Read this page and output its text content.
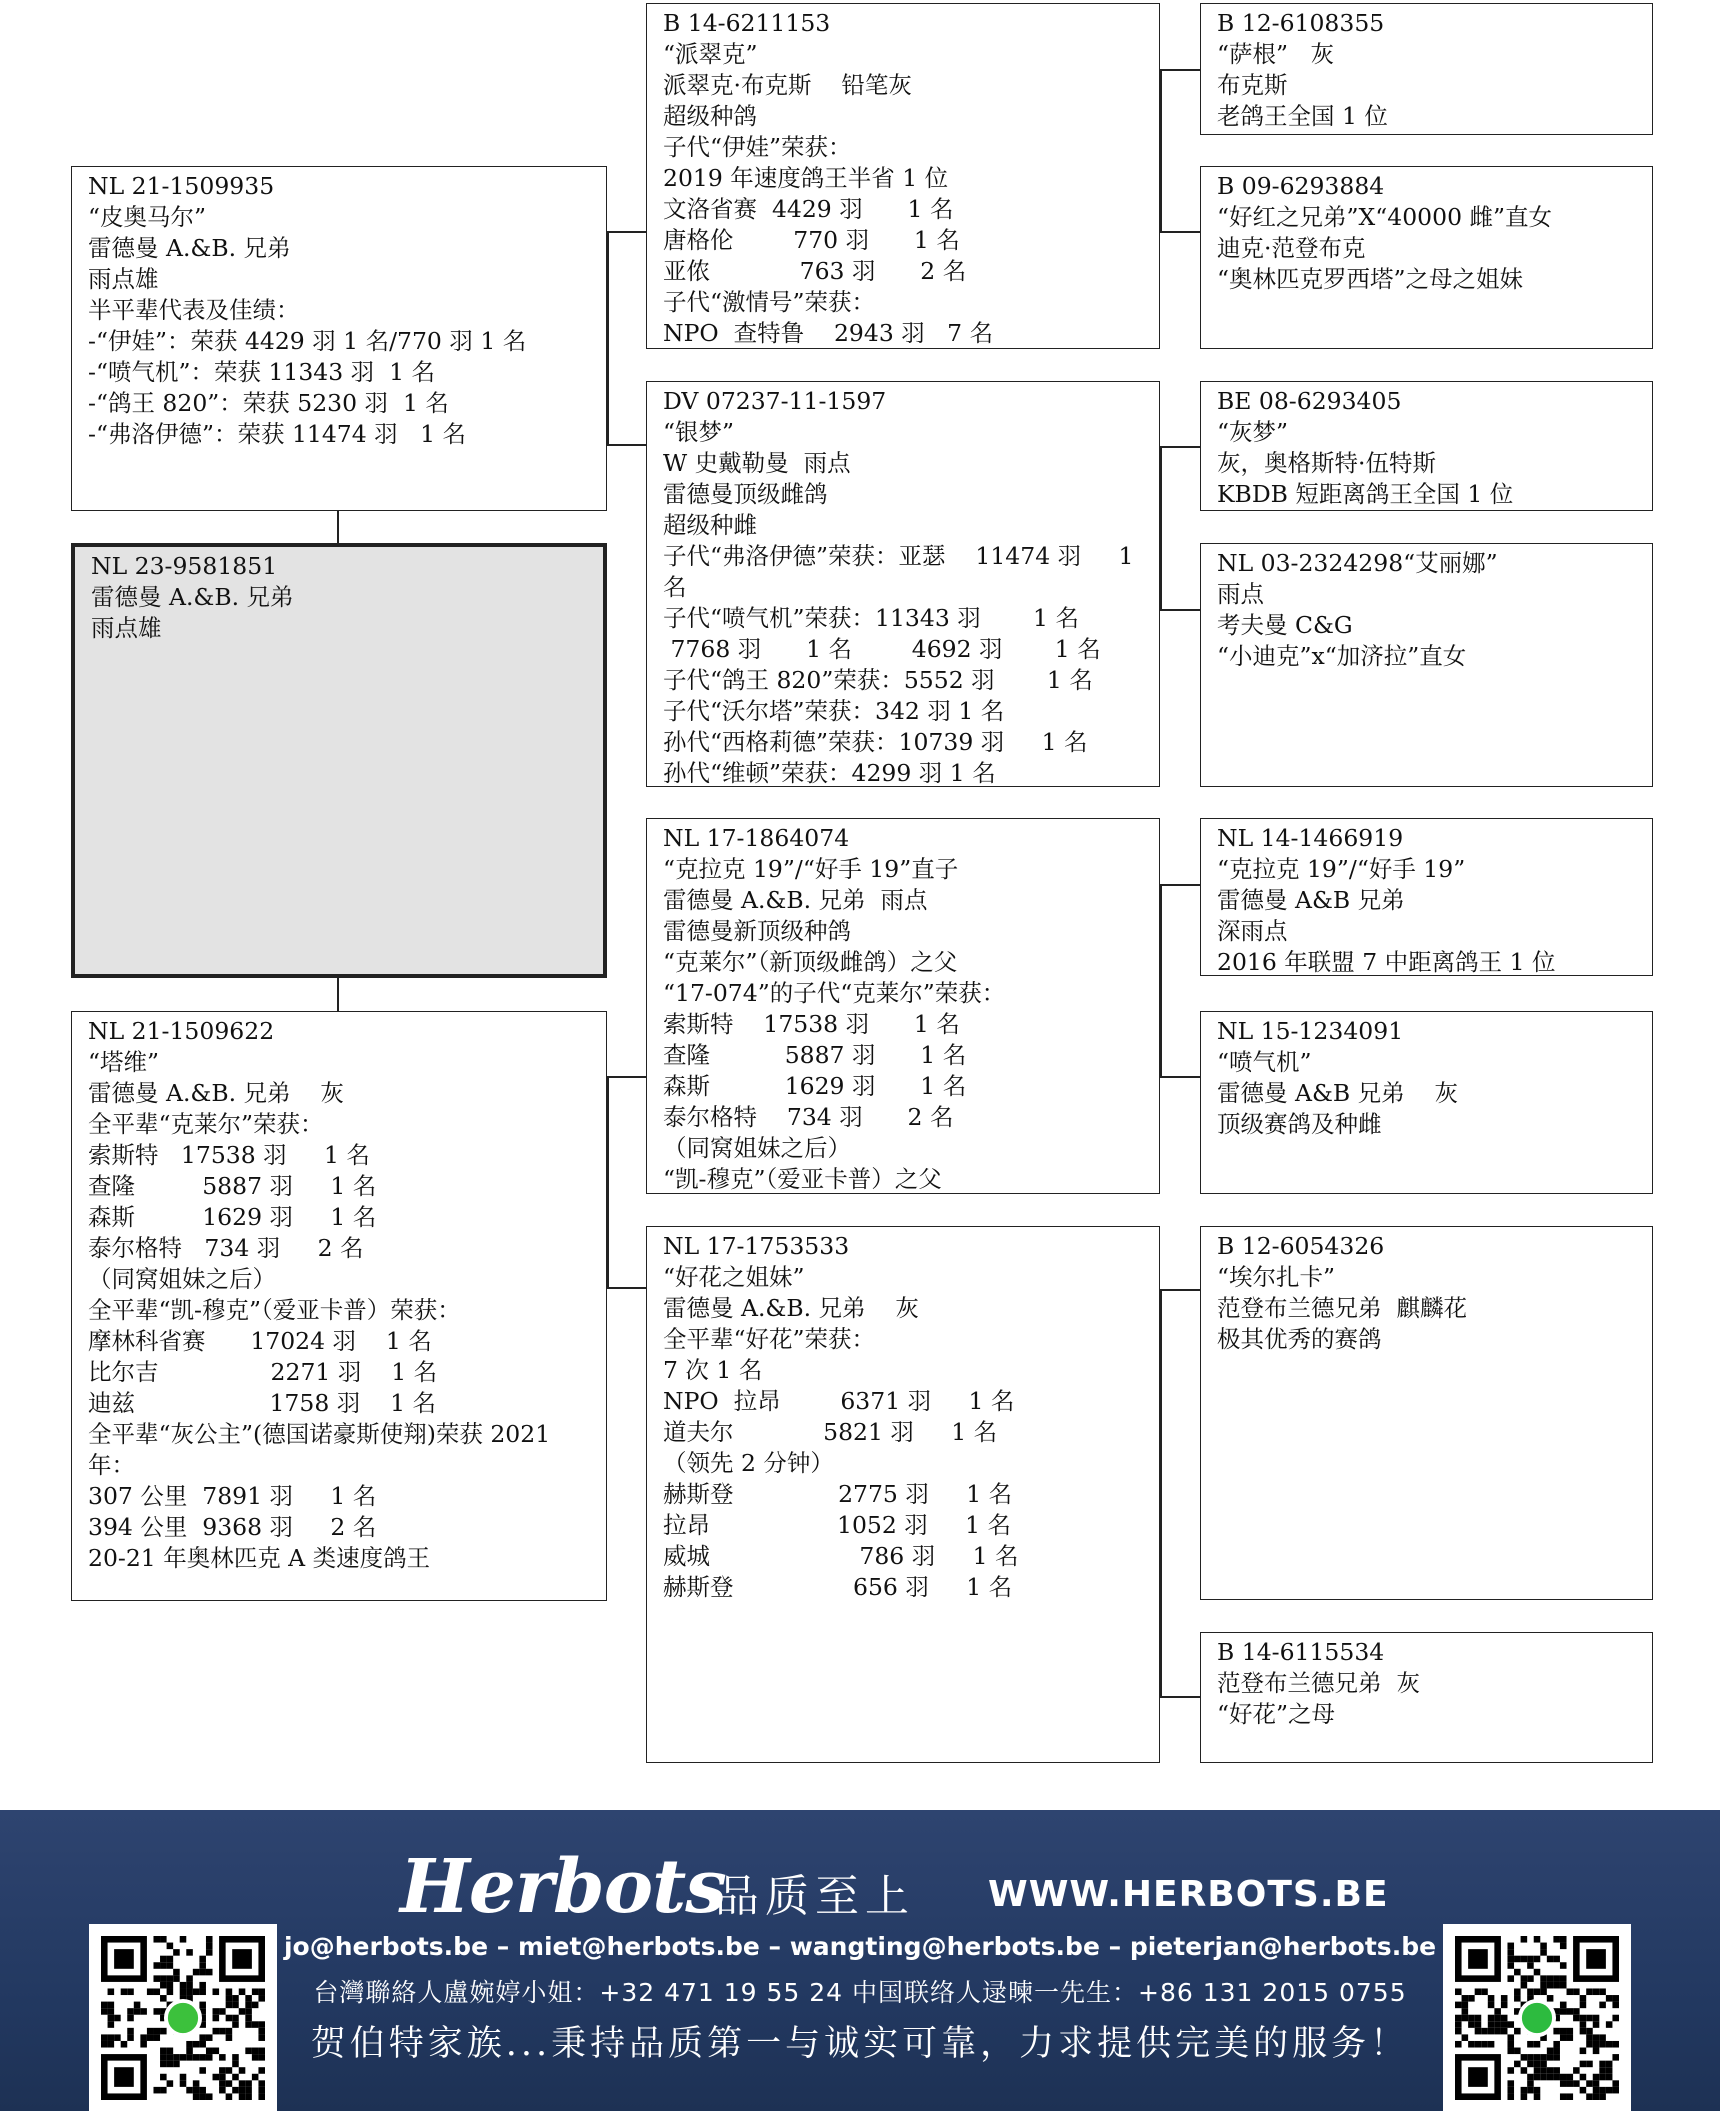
NL 21-1509935
“皮奥马尔”
雷德曼 A.&B. 兄弟
雨点雄
半平辈代表及佳绩：
-“伊娃”：荣获 4429 羽 1 名/770 羽 1 名
-“喷气机”：荣获 11343 羽  1 名
-“鸽王 820”：荣获 5230 羽  1 名
-“弗洛伊德”：荣获 11474 羽   1 名
NL 23-9581851
雷德曼 A.&B. 兄弟
雨点雄
NL 21-1509622
“塔维”
雷德曼 A.&B. 兄弟    灰
全平辈“克莱尔”荣获：
索斯特   17538 羽     1 名
查隆         5887 羽     1 名
森斯         1629 羽     1 名
泰尔格特   734 羽     2 名
（同窝姐妹之后）
全平辈“凯-穆克”（爱亚卡普）荣获：
摩林科省赛      17024 羽    1 名
比尔吉               2271 羽    1 名
迪兹                  1758 羽    1 名
全平辈“灰公主”(德国诺豪斯使翔)荣获 2021
年：
307 公里  7891 羽     1 名
394 公里  9368 羽     2 名
20-21 年奥林匹克 A 类速度鸽王
B 14-6211153
“派翠克”
派翠克·布克斯    铅笔灰
超级种鸽
子代“伊娃”荣获：
2019 年速度鸽王半省 1 位
文洛省赛  4429 羽      1 名
唐格伦        770 羽      1 名
亚侬            763 羽      2 名
子代“激情号”荣获：
NPO  查特鲁    2943 羽   7 名
DV 07237-11-1597
“银梦”
W 史戴勒曼  雨点
雷德曼顶级雌鸽
超级种雌
子代“弗洛伊德”荣获：亚瑟    11474 羽     1
名
子代“喷气机”荣获：11343 羽       1 名
7768 羽      1 名        4692 羽       1 名
子代“鸽王 820”荣获：5552 羽       1 名
子代“沃尔塔”荣获：342 羽 1 名
孙代“西格莉德”荣获：10739 羽     1 名
孙代“维顿”荣获：4299 羽 1 名
NL 17-1864074
“克拉克 19”/“好手 19”直子
雷德曼 A.&B. 兄弟  雨点
雷德曼新顶级种鸽
“克莱尔”（新顶级雌鸽）之父
“17-074”的子代“克莱尔”荣获：
索斯特    17538 羽      1 名
查隆          5887 羽      1 名
森斯          1629 羽      1 名
泰尔格特    734 羽      2 名
（同窝姐妹之后）
“凯-穆克”（爱亚卡普）之父
NL 17-1753533
“好花之姐妹”
雷德曼 A.&B. 兄弟    灰
全平辈“好花”荣获：
7 次 1 名
NPO  拉昂        6371 羽     1 名
道夫尔            5821 羽     1 名
（领先 2 分钟）
赫斯登              2775 羽     1 名
拉昂                 1052 羽     1 名
威城                    786 羽     1 名
赫斯登                656 羽     1 名
B 12-6108355
“萨根”   灰
布克斯
老鸽王全国 1 位
B 09-6293884
“好红之兄弟”X“40000 雌”直女
迪克·范登布克
“奥林匹克罗西塔”之母之姐妹
BE 08-6293405
“灰梦”
灰，奥格斯特·伍特斯
KBDB 短距离鸽王全国 1 位
NL 03-2324298“艾丽娜”
雨点
考夫曼 C&G
“小迪克”x“加济拉”直女
NL 14-1466919
“克拉克 19”/“好手 19”
雷德曼 A&B 兄弟
深雨点
2016 年联盟 7 中距离鸽王 1 位
NL 15-1234091
“喷气机”
雷德曼 A&B 兄弟    灰
顶级赛鸽及种雌
B 12-6054326
“埃尔扎卡”
范登布兰德兄弟  麒麟花
极其优秀的赛鸽
B 14-6115534
范登布兰德兄弟  灰
“好花”之母
Herbots
品质至上 WWW.HERBOTS.BE
jo@herbots.be – miet@herbots.be – wangting@herbots.be – pieterjan@herbots.be
台灣聯絡人盧婉婷小姐：+32 471 19 55 24 中国联络人逯暕一先生：+86 131 2015 0755
贺伯特家族...秉持品质第一与诚实可靠，力求提供完美的服务！
